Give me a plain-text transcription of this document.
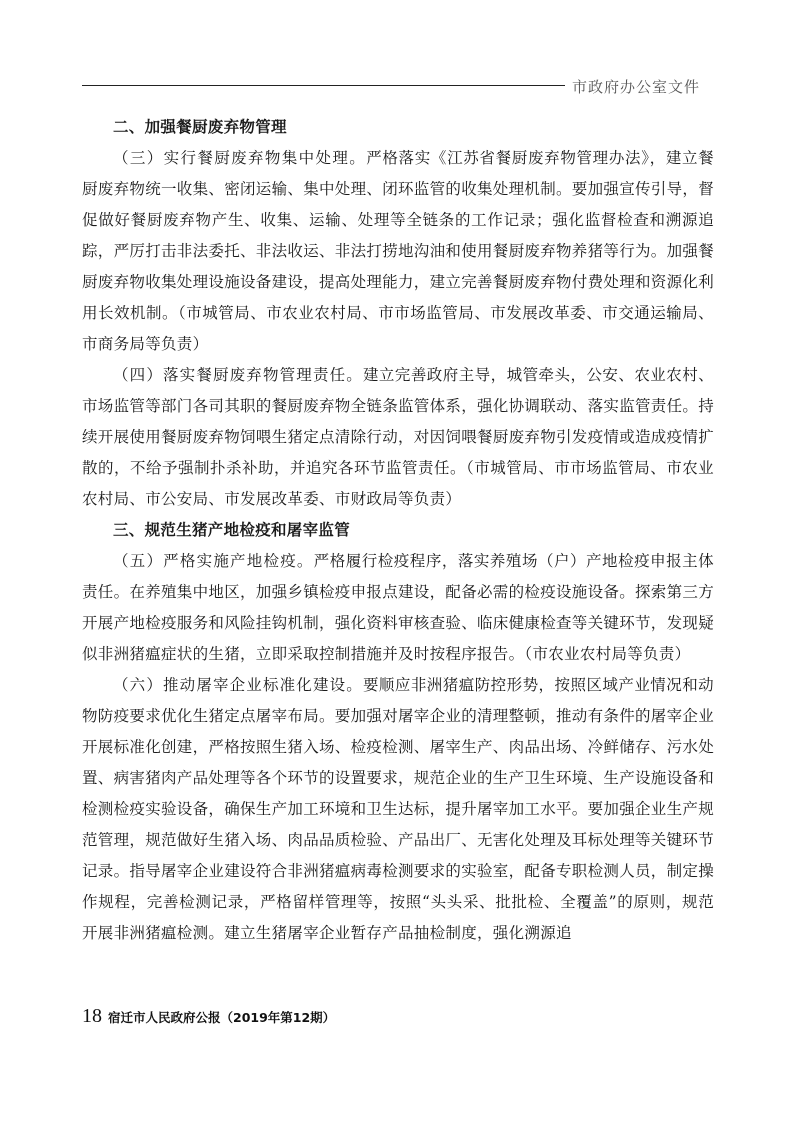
市政府办公室文件

二、加强餐厨废弃物管理

（三）实行餐厨废弃物集中处理。严格落实《江苏省餐厨废弃物管理办法》，建立餐厨废弃物统一收集、密闭运输、集中处理、闭环监管的收集处理机制。要加强宣传引导，督促做好餐厨废弃物产生、收集、运输、处理等全链条的工作记录；强化监督检查和溯源追踪，严厉打击非法委托、非法收运、非法打捞地沟油和使用餐厨废弃物养猪等行为。加强餐厨废弃物收集处理设施设备建设，提高处理能力，建立完善餐厨废弃物付费处理和资源化利用长效机制。（市城管局、市农业农村局、市市场监管局、市发展改革委、市交通运输局、市商务局等负责）

（四）落实餐厨废弃物管理责任。建立完善政府主导，城管牵头，公安、农业农村、市场监管等部门各司其职的餐厨废弃物全链条监管体系，强化协调联动、落实监管责任。持续开展使用餐厨废弃物饲喂生猪定点清除行动，对因饲喂餐厨废弃物引发疫情或造成疫情扩散的，不给予强制扑杀补助，并追究各环节监管责任。（市城管局、市市场监管局、市农业农村局、市公安局、市发展改革委、市财政局等负责）

三、规范生猪产地检疫和屠宰监管

（五）严格实施产地检疫。严格履行检疫程序，落实养殖场（户）产地检疫申报主体责任。在养殖集中地区，加强乡镇检疫申报点建设，配备必需的检疫设施设备。探索第三方开展产地检疫服务和风险挂钩机制，强化资料审核查验、临床健康检查等关键环节，发现疑似非洲猪瘟症状的生猪，立即采取控制措施并及时按程序报告。（市农业农村局等负责）

（六）推动屠宰企业标准化建设。要顺应非洲猪瘟防控形势，按照区域产业情况和动物防疫要求优化生猪定点屠宰布局。要加强对屠宰企业的清理整顿，推动有条件的屠宰企业开展标准化创建，严格按照生猪入场、检疫检测、屠宰生产、肉品出场、冷鲜储存、污水处置、病害猪肉产品处理等各个环节的设置要求，规范企业的生产卫生环境、生产设施设备和检测检疫实验设备，确保生产加工环境和卫生达标，提升屠宰加工水平。要加强企业生产规范管理，规范做好生猪入场、肉品品质检验、产品出厂、无害化处理及耳标处理等关键环节记录。指导屠宰企业建设符合非洲猪瘟病毒检测要求的实验室，配备专职检测人员，制定操作规程，完善检测记录，严格留样管理等，按照“头头采、批批检、全覆盖”的原则，规范开展非洲猪瘟检测。建立生猪屠宰企业暂存产品抽检制度，强化溯源追

18 宿迁市人民政府公报（2019年第12期）
